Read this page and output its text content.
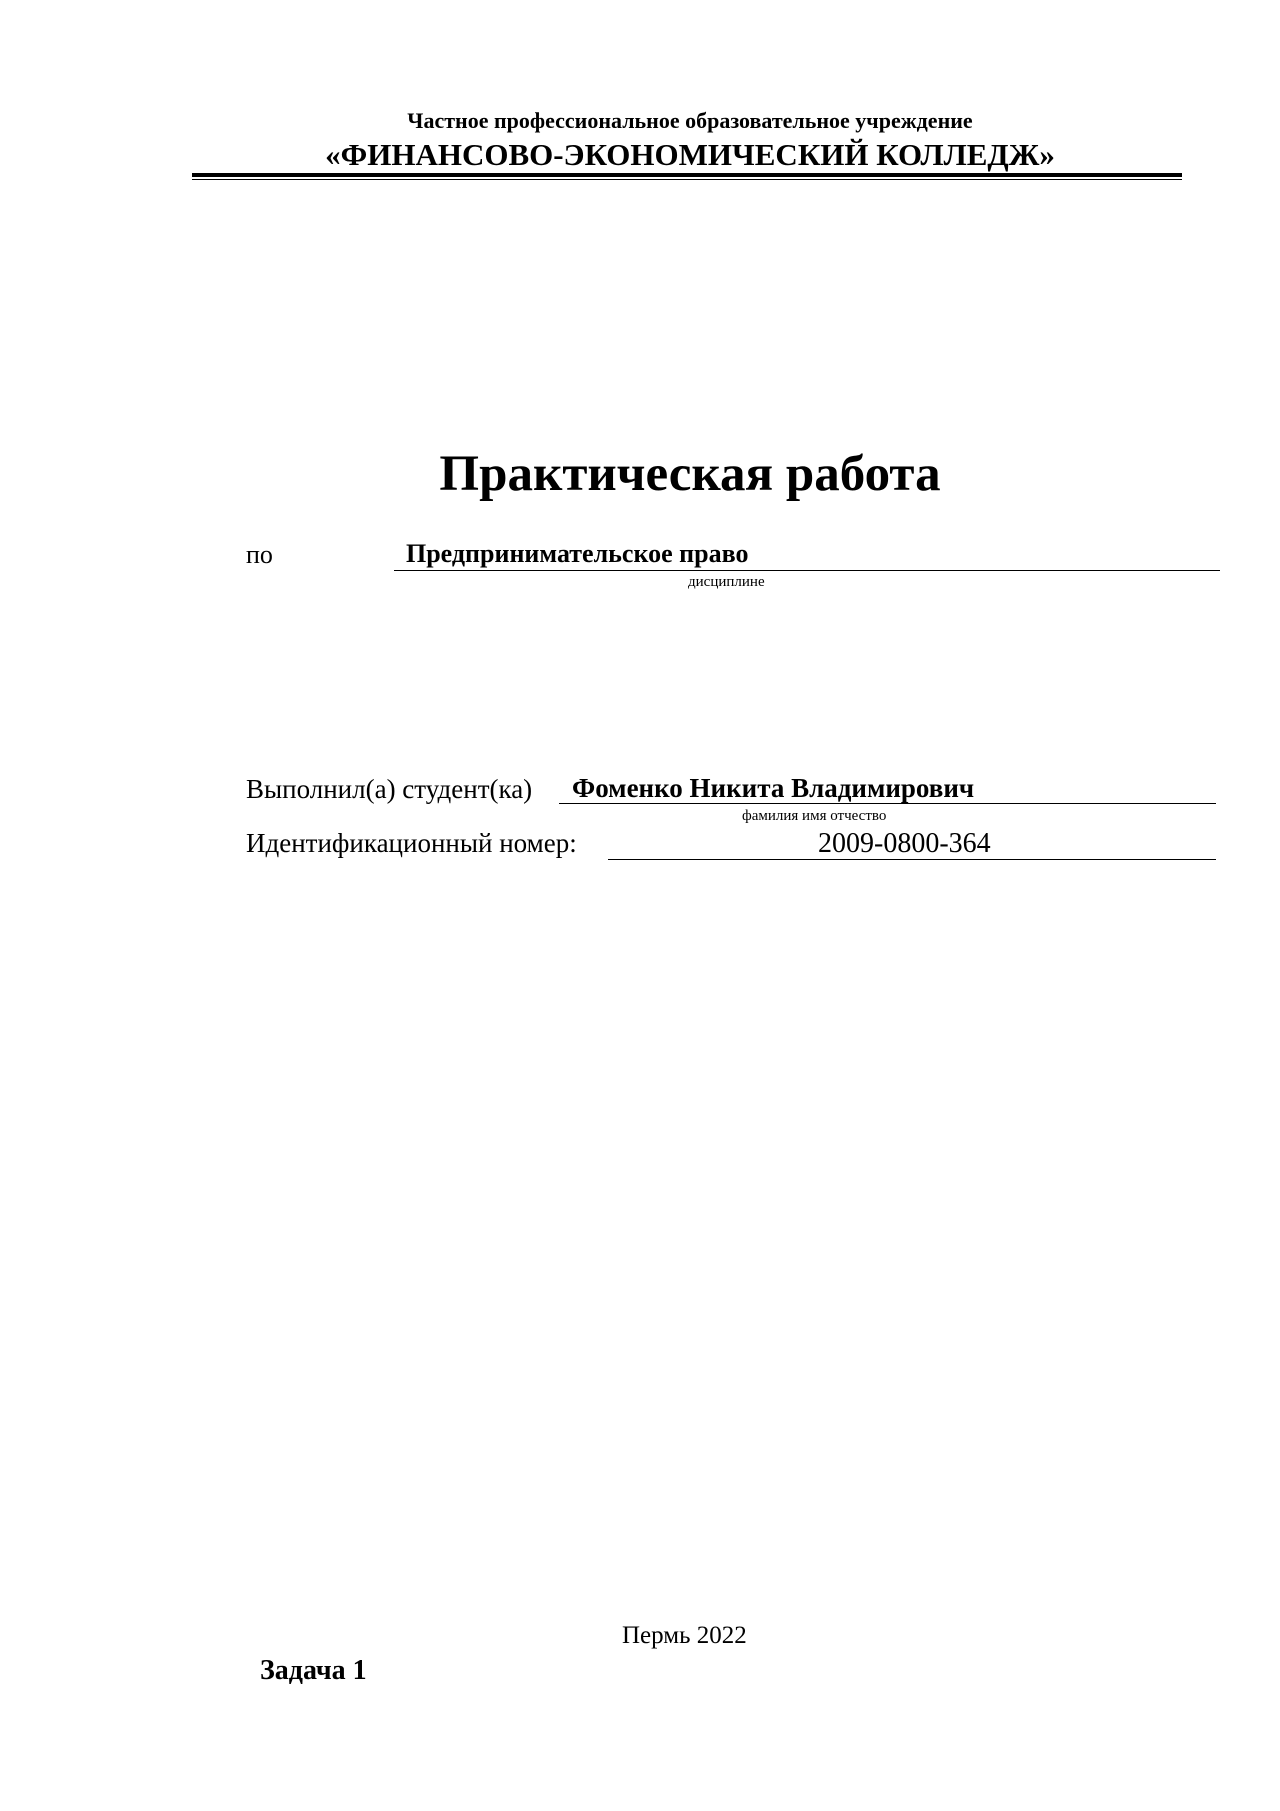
Частное профессиональное образовательное учреждение
«ФИНАНСОВО-ЭКОНОМИЧЕСКИЙ КОЛЛЕДЖ»
Практическая работа
по	Предпринимательское право
дисциплине
Выполнил(а) студент(ка) Фоменко Никита Владимирович
фамилия имя отчество
Идентификационный номер:	2009-0800-364
Пермь 2022
Задача 1
